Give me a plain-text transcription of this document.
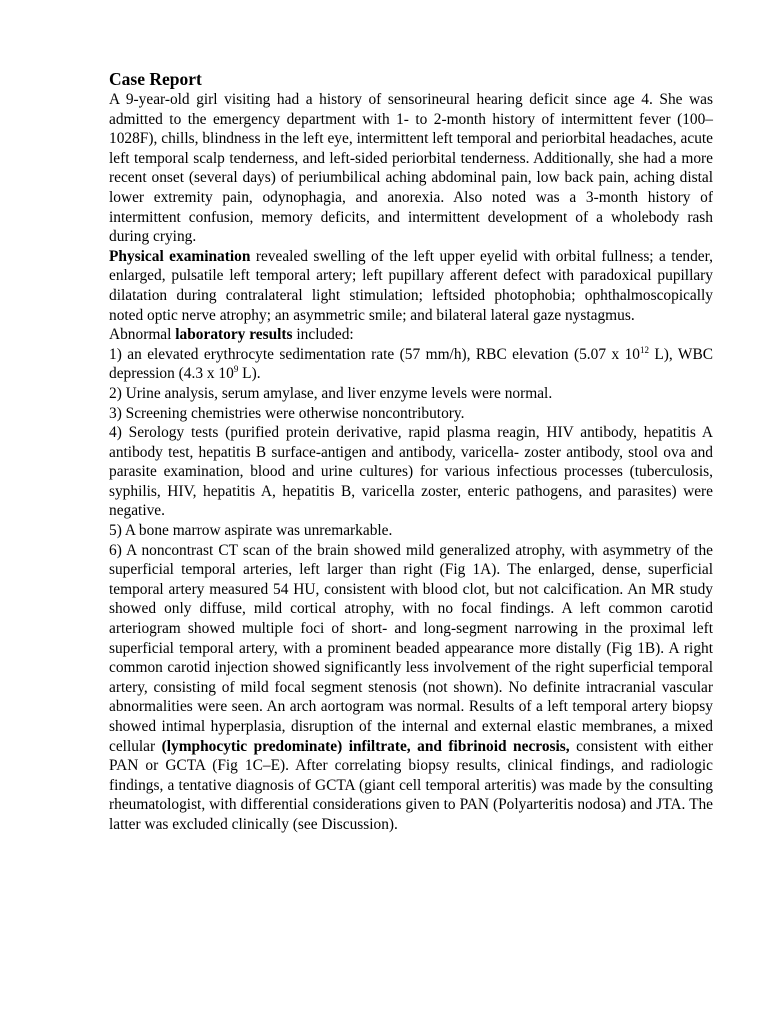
Case Report

A 9-year-old girl visiting had a history of sensorineural hearing deficit since age 4. She was admitted to the emergency department with 1- to 2-month history of intermittent fever (100–1028F), chills, blindness in the left eye, intermittent left temporal and periorbital headaches, acute left temporal scalp tenderness, and left-sided periorbital tenderness. Additionally, she had a more recent onset (several days) of periumbilical aching abdominal pain, low back pain, aching distal lower extremity pain, odynophagia, and anorexia. Also noted was a 3-month history of intermittent confusion, memory deficits, and intermittent development of a wholebody rash during crying.

Physical examination revealed swelling of the left upper eyelid with orbital fullness; a tender, enlarged, pulsatile left temporal artery; left pupillary afferent defect with paradoxical pupillary dilatation during contralateral light stimulation; leftsided photophobia; ophthalmoscopically noted optic nerve atrophy; an asymmetric smile; and bilateral lateral gaze nystagmus.

Abnormal laboratory results included:

1) an elevated erythrocyte sedimentation rate (57 mm/h), RBC elevation (5.07 x $10^{12}$ L), WBC depression (4.3 x $10^9$ L).

2) Urine analysis, serum amylase, and liver enzyme levels were normal.

3) Screening chemistries were otherwise noncontributory.

4) Serology tests (purified protein derivative, rapid plasma reagin, HIV antibody, hepatitis A antibody test, hepatitis B surface-antigen and antibody, varicella- zoster antibody, stool ova and parasite examination, blood and urine cultures) for various infectious processes (tuberculosis, syphilis, HIV, hepatitis A, hepatitis B, varicella zoster, enteric pathogens, and parasites) were negative.

5) A bone marrow aspirate was unremarkable.

6) A noncontrast CT scan of the brain showed mild generalized atrophy, with asymmetry of the superficial temporal arteries, left larger than right (Fig 1A). The enlarged, dense, superficial temporal artery measured 54 HU, consistent with blood clot, but not calcification. An MR study showed only diffuse, mild cortical atrophy, with no focal findings. A left common carotid arteriogram showed multiple foci of short- and long-segment narrowing in the proximal left superficial temporal artery, with a prominent beaded appearance more distally (Fig 1B). A right common carotid injection showed significantly less involvement of the right superficial temporal artery, consisting of mild focal segment stenosis (not shown). No definite intracranial vascular abnormalities were seen. An arch aortogram was normal. Results of a left temporal artery biopsy showed intimal hyperplasia, disruption of the internal and external elastic membranes, a mixed cellular (lymphocytic predominate) infiltrate, and fibrinoid necrosis, consistent with either PAN or GCTA (Fig 1C–E). After correlating biopsy results, clinical findings, and radiologic findings, a tentative diagnosis of GCTA (giant cell temporal arteritis) was made by the consulting rheumatologist, with differential considerations given to PAN (Polyarteritis nodosa) and JTA. The latter was excluded clinically (see Discussion).
